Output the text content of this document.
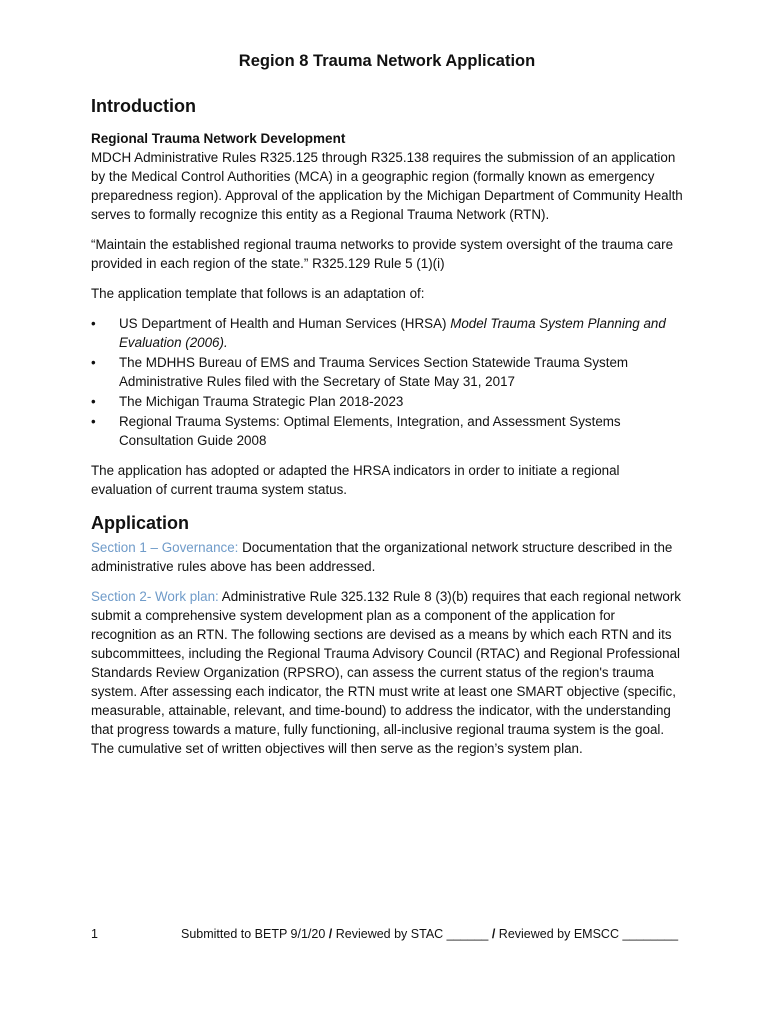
Region 8 Trauma Network Application
Introduction
Regional Trauma Network Development

MDCH Administrative Rules R325.125 through R325.138 requires the submission of an application by the Medical Control Authorities (MCA) in a geographic region (formally known as emergency preparedness region). Approval of the application by the Michigan Department of Community Health serves to formally recognize this entity as a Regional Trauma Network (RTN).

“Maintain the established regional trauma networks to provide system oversight of the trauma care provided in each region of the state.” R325.129 Rule 5 (1)(i)

The application template that follows is an adaptation of:

•	US Department of Health and Human Services (HRSA) Model Trauma System Planning and Evaluation (2006).
•	The MDHHS Bureau of EMS and Trauma Services Section Statewide Trauma System Administrative Rules filed with the Secretary of State May 31, 2017
•	The Michigan Trauma Strategic Plan 2018-2023
•	Regional Trauma Systems: Optimal Elements, Integration, and Assessment Systems Consultation Guide 2008

The application has adopted or adapted the HRSA indicators in order to initiate a regional evaluation of current trauma system status.

Application

Section 1 – Governance: Documentation that the organizational network structure described in the administrative rules above has been addressed.

Section 2- Work plan: Administrative Rule 325.132 Rule 8 (3)(b) requires that each regional network submit a comprehensive system development plan as a component of the application for recognition as an RTN. The following sections are devised as a means by which each RTN and its subcommittees, including the Regional Trauma Advisory Council (RTAC) and Regional Professional Standards Review Organization (RPSRO), can assess the current status of the region's trauma system. After assessing each indicator, the RTN must write at least one SMART objective (specific, measurable, attainable, relevant, and time-bound) to address the indicator, with the understanding that progress towards a mature, fully functioning, all-inclusive regional trauma system is the goal. The cumulative set of written objectives will then serve as the region’s system plan.

1	Submitted to BETP 9/1/20 / Reviewed by STAC ______ / Reviewed by EMSCC ________
